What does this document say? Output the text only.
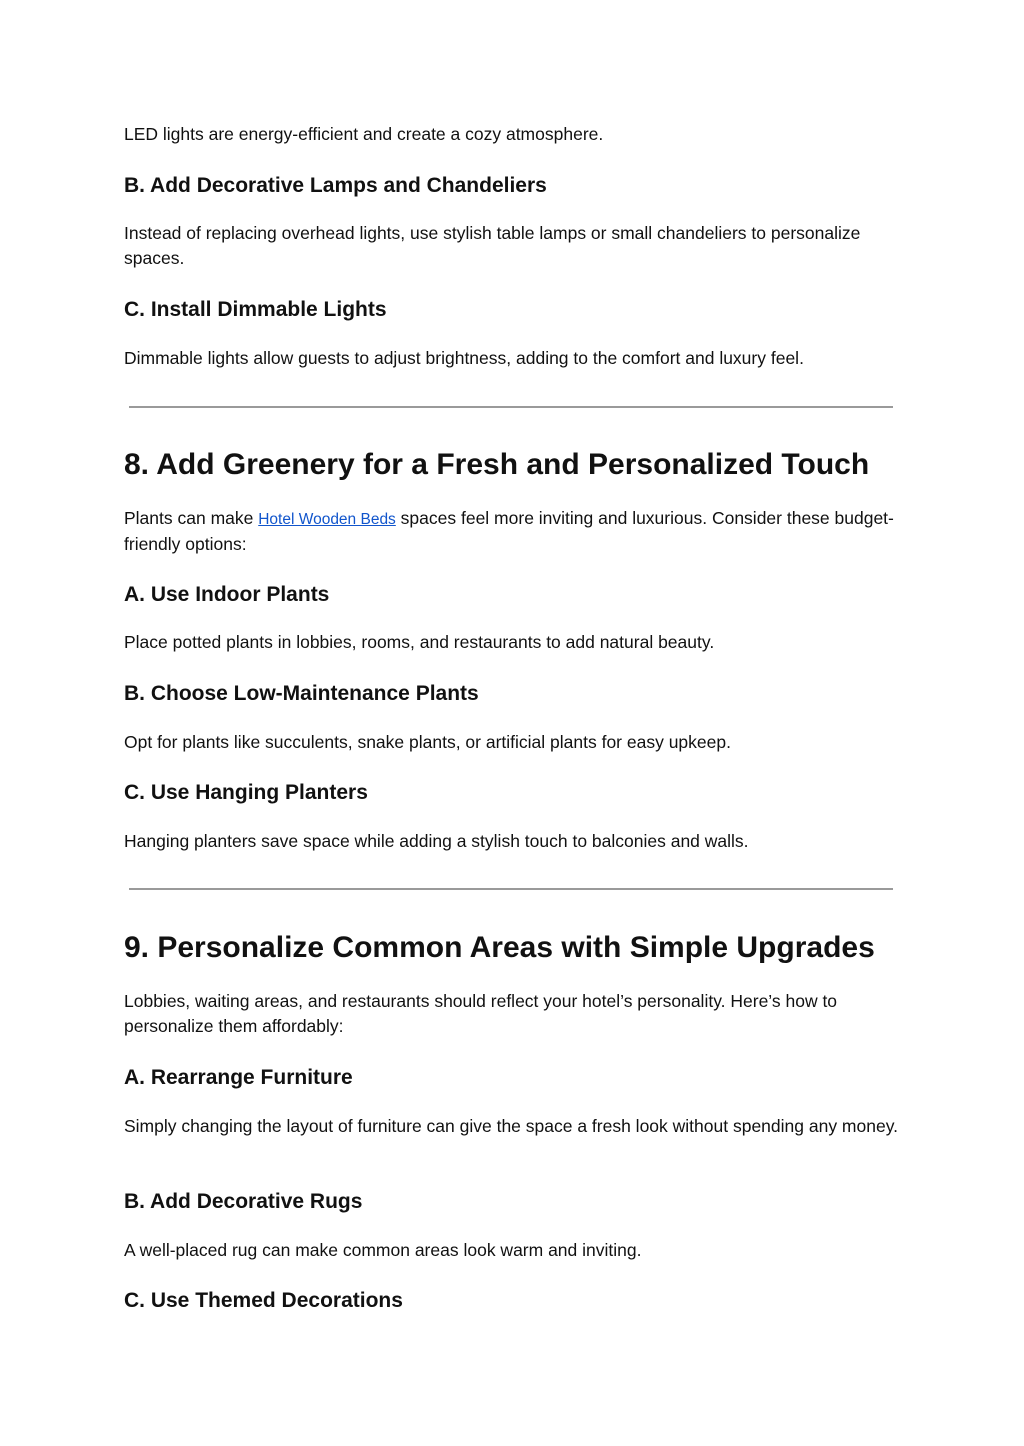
LED lights are energy-efficient and create a cozy atmosphere.

B. Add Decorative Lamps and Chandeliers

Instead of replacing overhead lights, use stylish table lamps or small chandeliers to personalize spaces.

C. Install Dimmable Lights

Dimmable lights allow guests to adjust brightness, adding to the comfort and luxury feel.

8. Add Greenery for a Fresh and Personalized Touch

Plants can make Hotel Wooden Beds spaces feel more inviting and luxurious. Consider these budget-friendly options:

A. Use Indoor Plants

Place potted plants in lobbies, rooms, and restaurants to add natural beauty.

B. Choose Low-Maintenance Plants

Opt for plants like succulents, snake plants, or artificial plants for easy upkeep.

C. Use Hanging Planters

Hanging planters save space while adding a stylish touch to balconies and walls.

9. Personalize Common Areas with Simple Upgrades

Lobbies, waiting areas, and restaurants should reflect your hotel’s personality. Here’s how to personalize them affordably:

A. Rearrange Furniture

Simply changing the layout of furniture can give the space a fresh look without spending any money.

B. Add Decorative Rugs

A well-placed rug can make common areas look warm and inviting.

C. Use Themed Decorations
